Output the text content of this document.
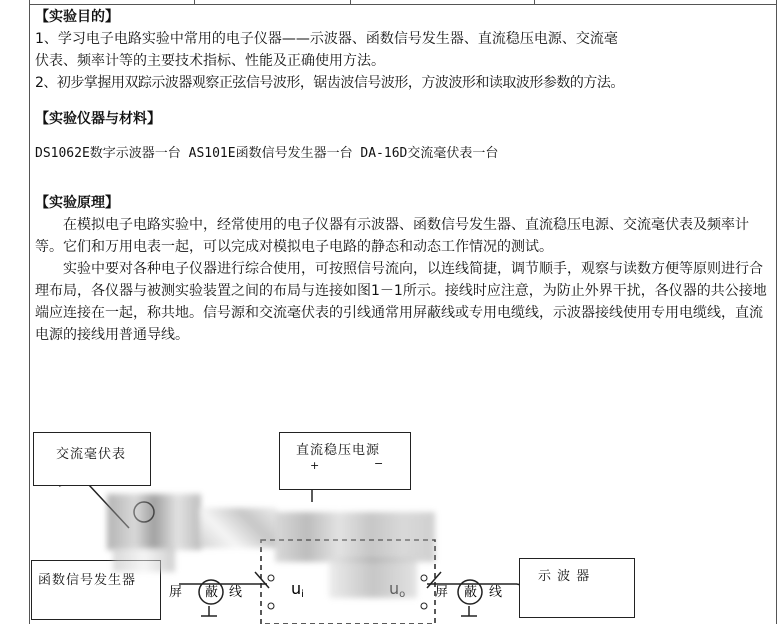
【实验目的】

1、学习电子电路实验中常用的电子仪器——示波器、函数信号发生器、直流稳压电源、交流毫

伏表、频率计等的主要技术指标、性能及正确使用方法。

2、初步掌握用双踪示波器观察正弦信号波形，锯齿波信号波形，方波波形和读取波形参数的方法。

【实验仪器与材料】

DS1062E数字示波器一台 AS101E函数信号发生器一台 DA-16D交流毫伏表一台

【实验原理】

在模拟电子电路实验中，经常使用的电子仪器有示波器、函数信号发生器、直流稳压电源、交流毫伏表及频率计等。它们和万用电表一起，可以完成对模拟电子电路的静态和动态工作情况的测试。

实验中要对各种电子仪器进行综合使用，可按照信号流向，以连线简捷，调节顺手，观察与读数方便等原则进行合理布局，各仪器与被测实验装置之间的布局与连接如图1－1所示。接线时应注意，为防止外界干扰，各仪器的共公接地端应连接在一起，称共地。信号源和交流毫伏表的引线通常用屏蔽线或专用电缆线，示波器接线使用专用电缆线，直流电源的接线用普通导线。

ui
屏 蔽 线	屏 蔽 线
交流毫伏表	直流稳压电源
+	−
函数信号发生器	示 波 器
